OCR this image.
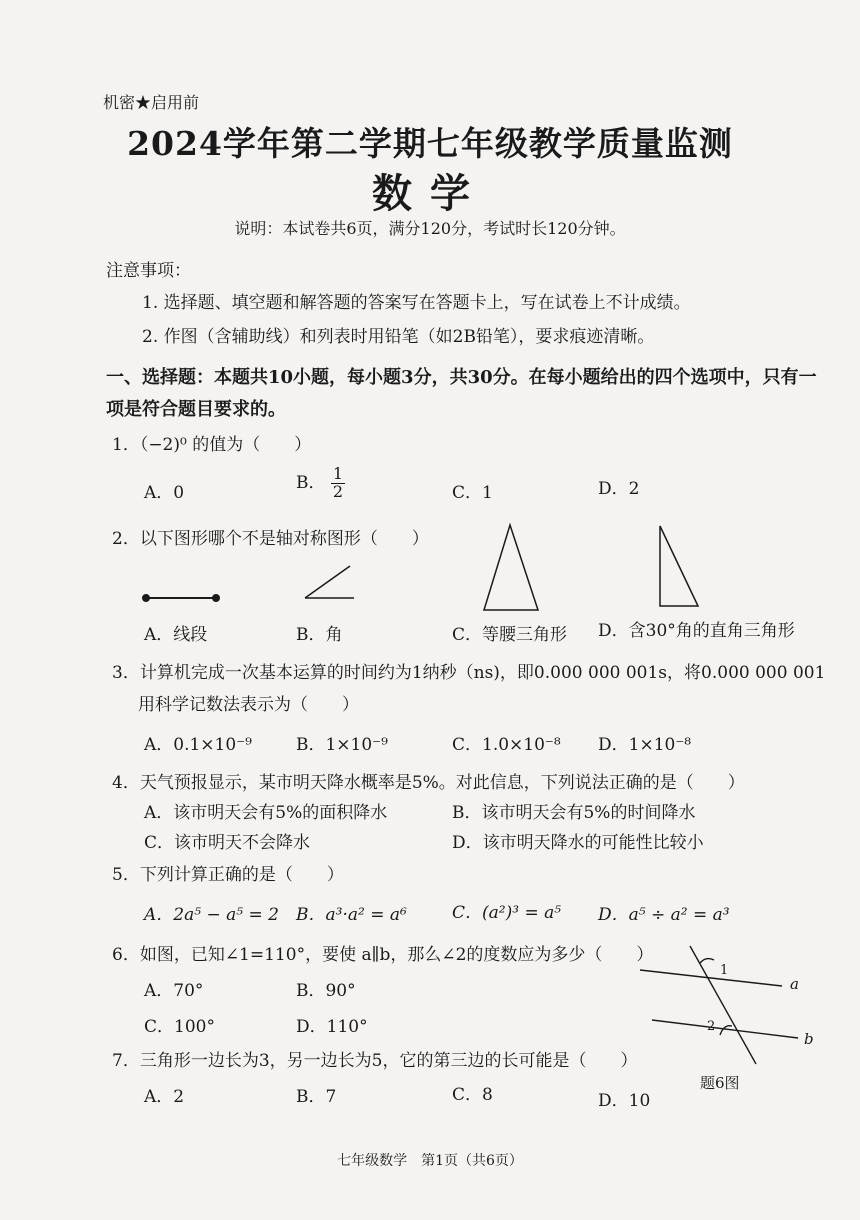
机密★启用前
2024学年第二学期七年级教学质量监测
数学
说明：本试卷共6页，满分120分，考试时长120分钟。
注意事项：
1. 选择题、填空题和解答题的答案写在答题卡上，写在试卷上不计成绩。
2. 作图（含辅助线）和列表时用铅笔（如2B铅笔），要求痕迹清晰。
一、选择题：本题共10小题，每小题3分，共30分。在每小题给出的四个选项中，只有一项是符合题目要求的。
1．（−2)⁰ 的值为（　　）
A．0
B． $\frac{1}{2}$	C．1	D．2
2．以下图形哪个不是轴对称图形（　　）
A．线段	B．角	C．等腰三角形 D．含30°角的直角三角形
3．计算机完成一次基本运算的时间约为1纳秒（ns)，即0.000 000 001s，将0.000 000 001
用科学记数法表示为（　　）
A．0.1×10⁻⁹	B．1×10⁻⁹	C．1.0×10⁻⁸ D．1×10⁻⁸
4．天气预报显示，某市明天降水概率是5%。对此信息，下列说法正确的是（　　）
A．该市明天会有5%的面积降水	B．该市明天会有5%的时间降水
C．该市明天不会降水	D．该市明天降水的可能性比较小
5．下列计算正确的是（　　）
A．2a⁵ − a⁵ = 2 B．a³·a² = a⁶	C．(a²)³ = a⁵ D．a⁵ ÷ a² = a³
6．如图，已知∠1=110°，要使 a∥b，那么∠2的度数应为多少（　　）
A．70°	B．90°
C．100°	D．110°
1
2
a
b
题6图
7．三角形一边长为3，另一边长为5，它的第三边的长可能是（　　）
A．2	B．7	C．8	D．10
七年级数学　第1页（共6页）
